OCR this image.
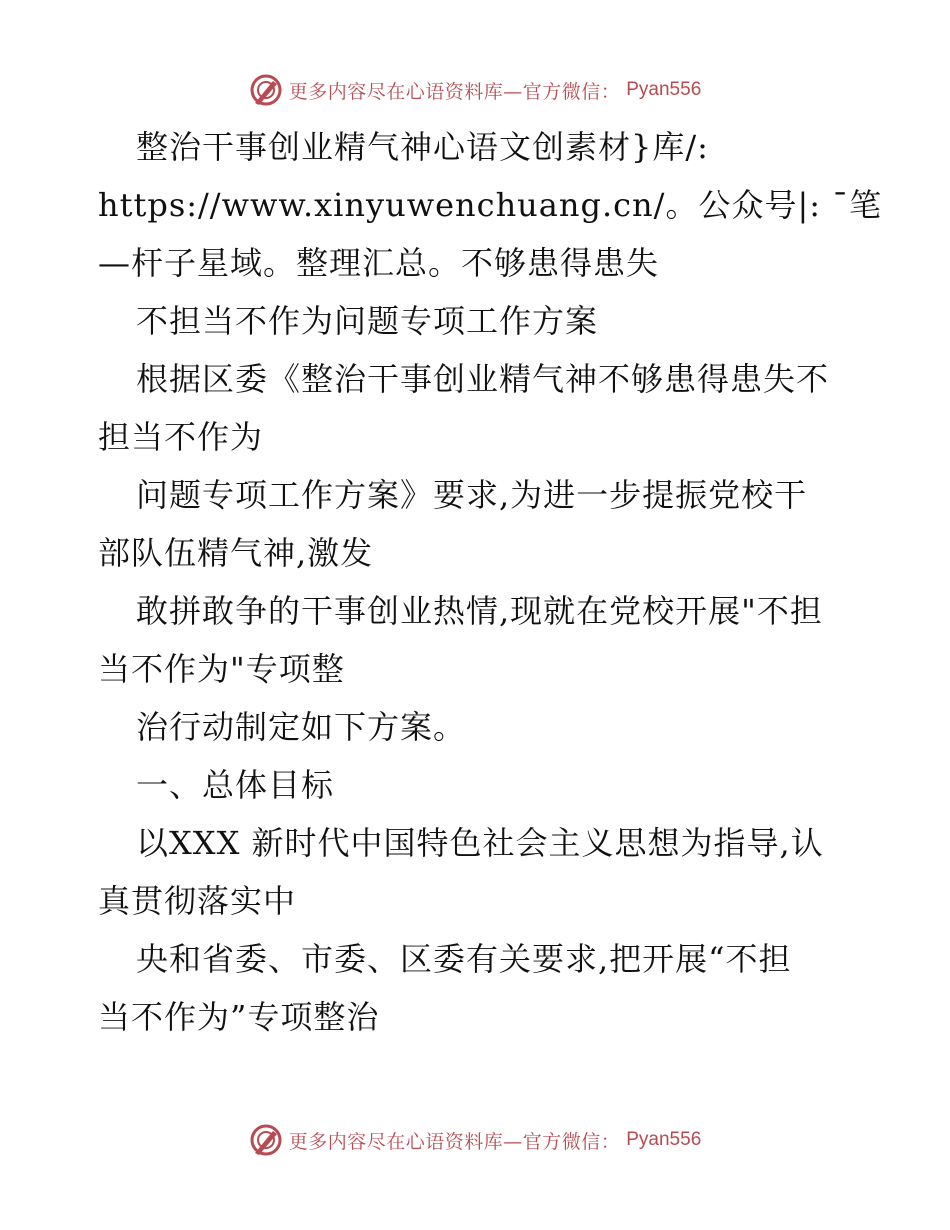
更多内容尽在心语资料库—官方微信： Pyan556
整治干事创业精气神心语文创素材}库/:
https://www.xinyuwenchuang.cn/。公众号|: ¯笔
—杆子星域。整理汇总。不够患得患失
不担当不作为问题专项工作方案
根据区委《整治干事创业精气神不够患得患失不
担当不作为
问题专项工作方案》要求,为进一步提振党校干
部队伍精气神,激发
敢拼敢争的干事创业热情,现就在党校开展"不担
当不作为"专项整
治行动制定如下方案。
一、总体目标
以XXX 新时代中国特色社会主义思想为指导,认
真贯彻落实中
央和省委、市委、区委有关要求,把开展“不担
当不作为”专项整治
更多内容尽在心语资料库—官方微信： Pyan556
